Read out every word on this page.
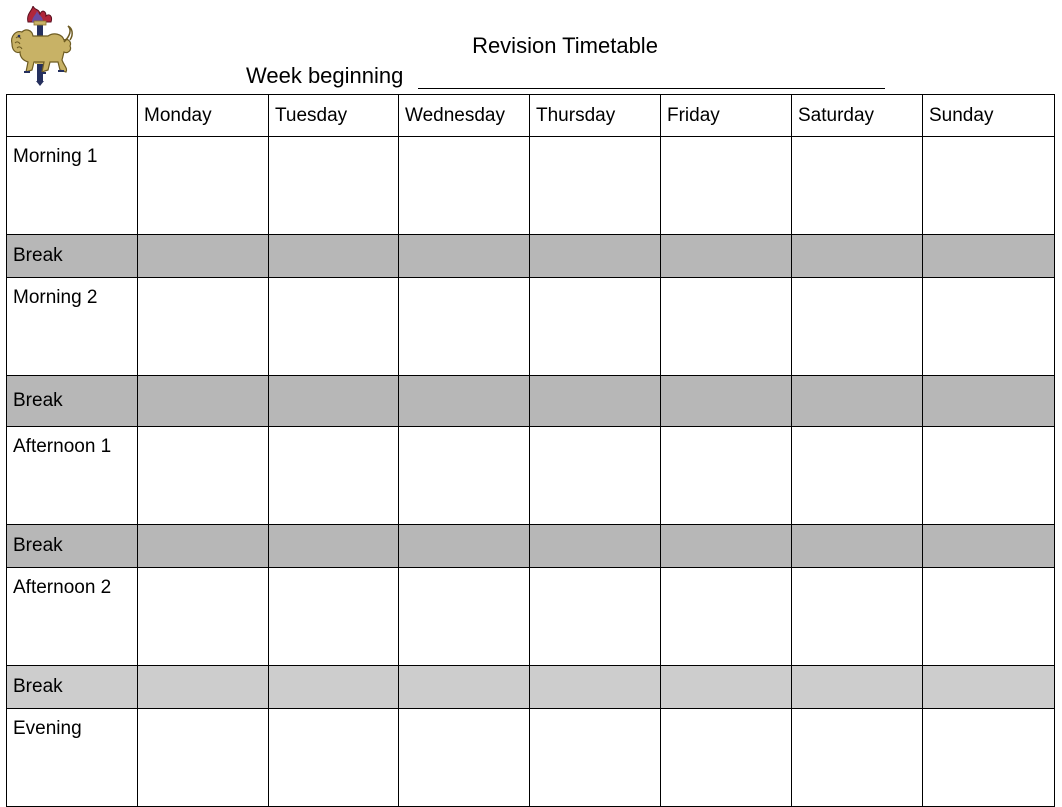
Revision Timetable
Week beginning
	Monday	Tuesday	Wednesday	Thursday	Friday	Saturday	Sunday
Morning 1							
Break							
Morning 2							
Break							
Afternoon 1							
Break							
Afternoon 2							
Break							
Evening							
